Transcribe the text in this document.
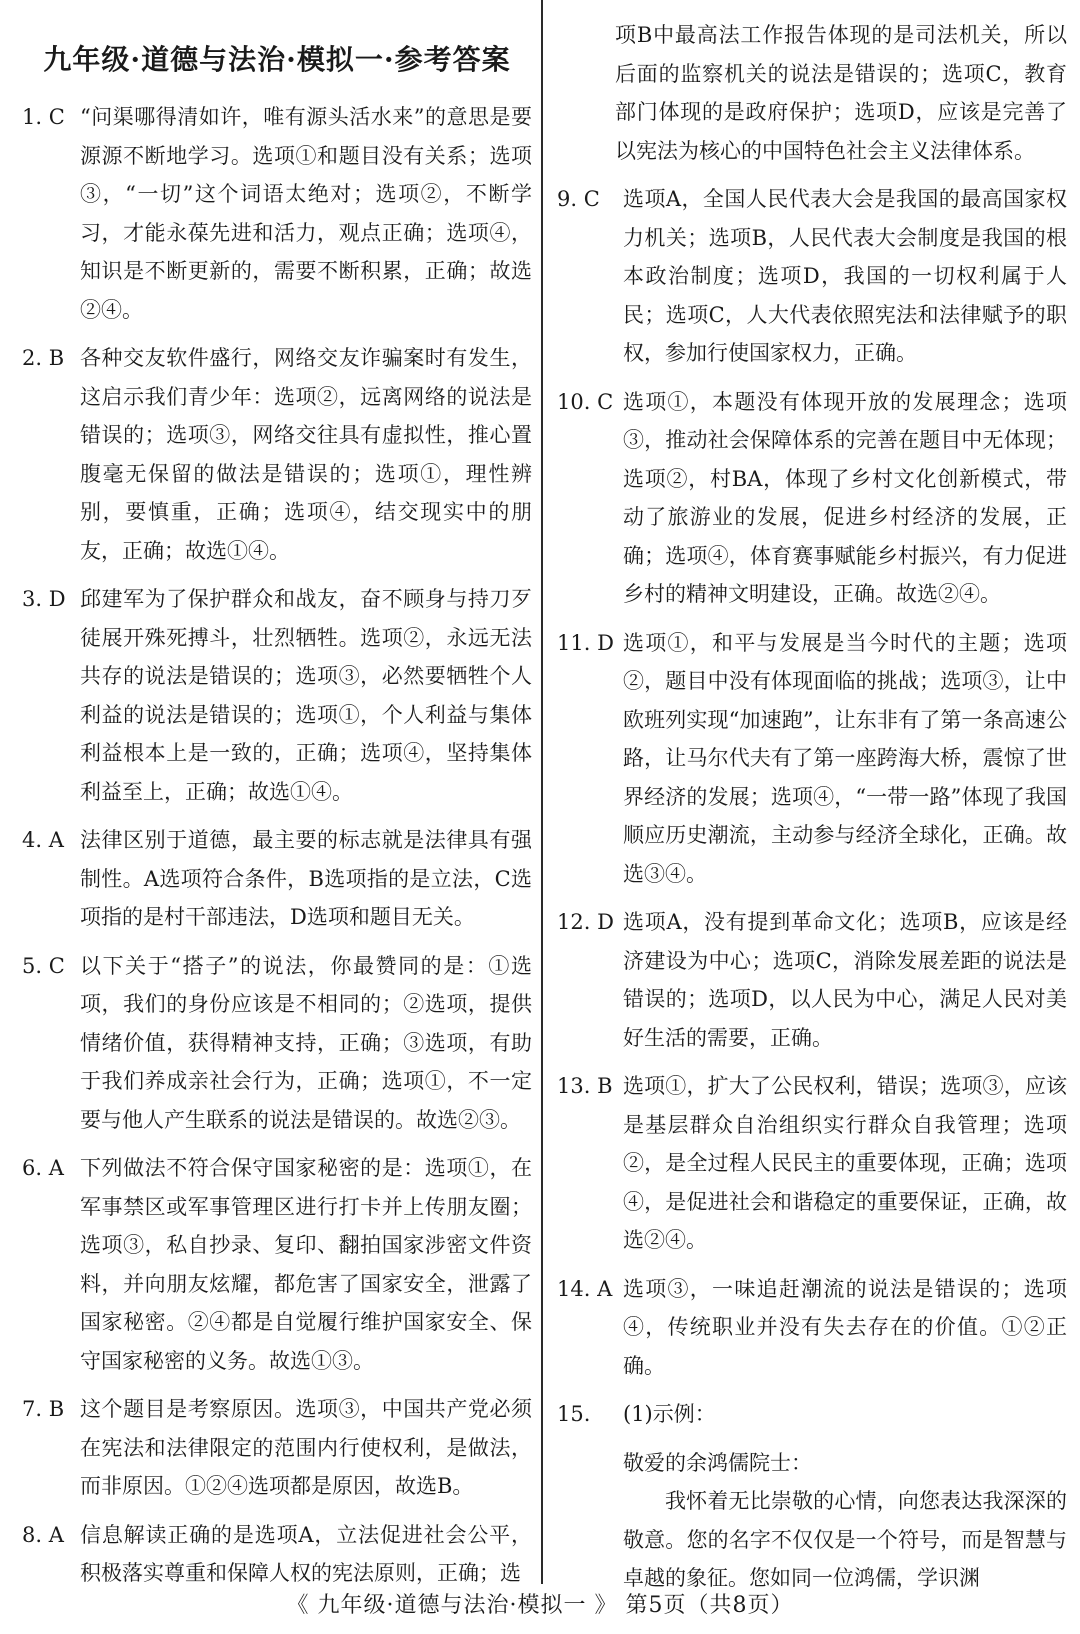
九年级·道德与法治·模拟一·参考答案
1. C “问渠哪得清如许，唯有源头活水来”的意思是要源源不断地学习。选项①和题目没有关系；选项③，“一切”这个词语太绝对；选项②，不断学习，才能永葆先进和活力，观点正确；选项④，知识是不断更新的，需要不断积累，正确；故选②④。
2. B 各种交友软件盛行，网络交友诈骗案时有发生，这启示我们青少年：选项②，远离网络的说法是错误的；选项③，网络交往具有虚拟性，推心置腹毫无保留的做法是错误的；选项①，理性辨别，要慎重，正确；选项④，结交现实中的朋友，正确；故选①④。
3. D 邱建军为了保护群众和战友，奋不顾身与持刀歹徒展开殊死搏斗，壮烈牺牲。选项②，永远无法共存的说法是错误的；选项③，必然要牺牲个人利益的说法是错误的；选项①，个人利益与集体利益根本上是一致的，正确；选项④，坚持集体利益至上，正确；故选①④。
4. A 法律区别于道德，最主要的标志就是法律具有强制性。A选项符合条件，B选项指的是立法，C选项指的是村干部违法，D选项和题目无关。
5. C 以下关于“搭子”的说法，你最赞同的是：①选项，我们的身份应该是不相同的；②选项，提供情绪价值，获得精神支持，正确；③选项，有助于我们养成亲社会行为，正确；选项①，不一定要与他人产生联系的说法是错误的。故选②③。
6. A 下列做法不符合保守国家秘密的是：选项①，在军事禁区或军事管理区进行打卡并上传朋友圈；选项③，私自抄录、复印、翻拍国家涉密文件资料，并向朋友炫耀，都危害了国家安全，泄露了国家秘密。②④都是自觉履行维护国家安全、保守国家秘密的义务。故选①③。
7. B 这个题目是考察原因。选项③，中国共产党必须在宪法和法律限定的范围内行使权利，是做法，而非原因。①②④选项都是原因，故选B。
8. A 信息解读正确的是选项A，立法促进社会公平，积极落实尊重和保障人权的宪法原则，正确；选
项B中最高法工作报告体现的是司法机关，所以后面的监察机关的说法是错误的；选项C，教育部门体现的是政府保护；选项D，应该是完善了以宪法为核心的中国特色社会主义法律体系。
9. C	选项A，全国人民代表大会是我国的最高国家权力机关；选项B，人民代表大会制度是我国的根本政治制度；选项D，我国的一切权利属于人民；选项C，人大代表依照宪法和法律赋予的职权，参加行使国家权力，正确。
10. C 选项①，本题没有体现开放的发展理念；选项③，推动社会保障体系的完善在题目中无体现；选项②，村BA，体现了乡村文化创新模式，带动了旅游业的发展，促进乡村经济的发展，正确；选项④，体育赛事赋能乡村振兴，有力促进乡村的精神文明建设，正确。故选②④。
11. D 选项①，和平与发展是当今时代的主题；选项②，题目中没有体现面临的挑战；选项③，让中欧班列实现“加速跑”，让东非有了第一条高速公路，让马尔代夫有了第一座跨海大桥，震惊了世界经济的发展；选项④，“一带一路”体现了我国顺应历史潮流，主动参与经济全球化，正确。故选③④。
12. D 选项A，没有提到革命文化；选项B，应该是经济建设为中心；选项C，消除发展差距的说法是错误的；选项D，以人民为中心，满足人民对美好生活的需要，正确。
13. B 选项①，扩大了公民权利，错误；选项③，应该是基层群众自治组织实行群众自我管理；选项②，是全过程人民民主的重要体现，正确；选项④，是促进社会和谐稳定的重要保证，正确，故选②④。
14. A 选项③，一味追赶潮流的说法是错误的；选项④，传统职业并没有失去存在的价值。①②正确。
15.	(1)示例：
敬爱的余鸿儒院士：
我怀着无比崇敬的心情，向您表达我深深的敬意。您的名字不仅仅是一个符号，而是智慧与卓越的象征。您如同一位鸿儒，学识渊
《 九年级·道德与法治·模拟一 》 第5页（共8页）
